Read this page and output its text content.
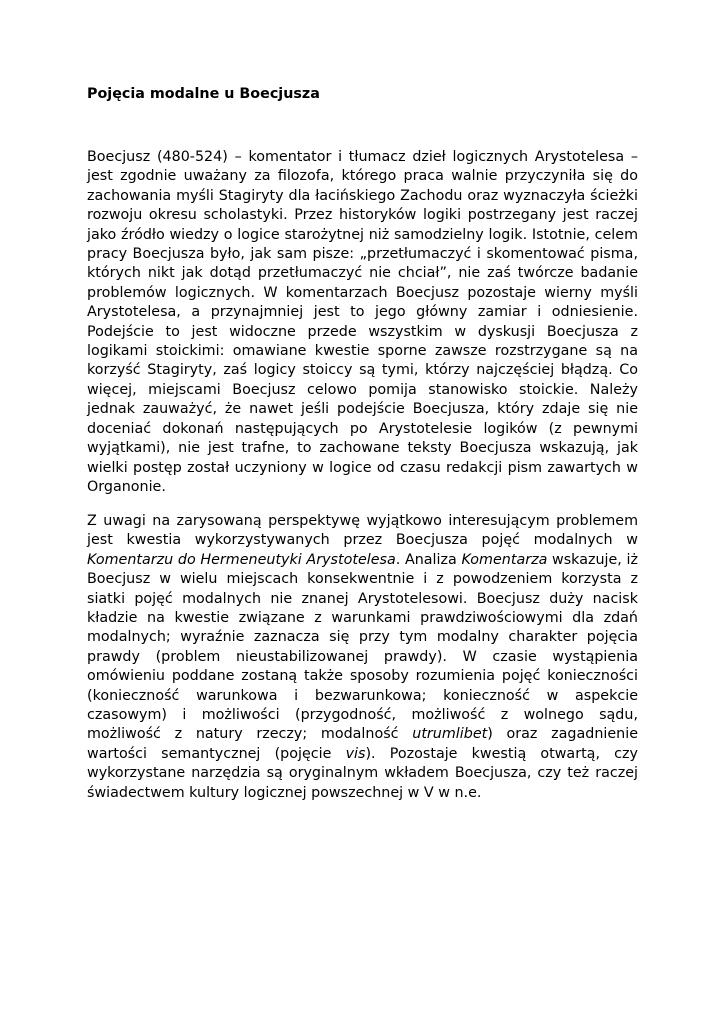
Pojęcia modalne u Boecjusza

Boecjusz (480-524) – komentator i tłumacz dzieł logicznych Arystotelesa – jest zgodnie uważany za filozofa, którego praca walnie przyczyniła się do zachowania myśli Stagiryty dla łacińskiego Zachodu oraz wyznaczyła ścieżki rozwoju okresu scholastyki. Przez historyków logiki postrzegany jest raczej jako źródło wiedzy o logice starożytnej niż samodzielny logik. Istotnie, celem pracy Boecjusza było, jak sam pisze: „przetłumaczyć i skomentować pisma, których nikt jak dotąd przetłumaczyć nie chciał”, nie zaś twórcze badanie problemów logicznych. W komentarzach Boecjusz pozostaje wierny myśli Arystotelesa, a przynajmniej jest to jego główny zamiar i odniesienie. Podejście to jest widoczne przede wszystkim w dyskusji Boecjusza z logikami stoickimi: omawiane kwestie sporne zawsze rozstrzygane są na korzyść Stagiryty, zaś logicy stoiccy są tymi, którzy najczęściej błądzą. Co więcej, miejscami Boecjusz celowo pomija stanowisko stoickie. Należy jednak zauważyć, że nawet jeśli podejście Boecjusza, który zdaje się nie doceniać dokonań następujących po Arystotelesie logików (z pewnymi wyjątkami), nie jest trafne, to zachowane teksty Boecjusza wskazują, jak wielki postęp został uczyniony w logice od czasu redakcji pism zawartych w Organonie.

Z uwagi na zarysowaną perspektywę wyjątkowo interesującym problemem jest kwestia wykorzystywanych przez Boecjusza pojęć modalnych w Komentarzu do Hermeneutyki Arystotelesa. Analiza Komentarza wskazuje, iż Boecjusz w wielu miejscach konsekwentnie i z powodzeniem korzysta z siatki pojęć modalnych nie znanej Arystotelesowi. Boecjusz duży nacisk kładzie na kwestie związane z warunkami prawdziwościowymi dla zdań modalnych; wyraźnie zaznacza się przy tym modalny charakter pojęcia prawdy (problem nieustabilizowanej prawdy). W czasie wystąpienia omówieniu poddane zostaną także sposoby rozumienia pojęć konieczności (konieczność warunkowa i bezwarunkowa; konieczność w aspekcie czasowym) i możliwości (przygodność, możliwość z wolnego sądu, możliwość z natury rzeczy; modalność utrumlibet) oraz zagadnienie wartości semantycznej (pojęcie vis). Pozostaje kwestią otwartą, czy wykorzystane narzędzia są oryginalnym wkładem Boecjusza, czy też raczej świadectwem kultury logicznej powszechnej w V w n.e.
